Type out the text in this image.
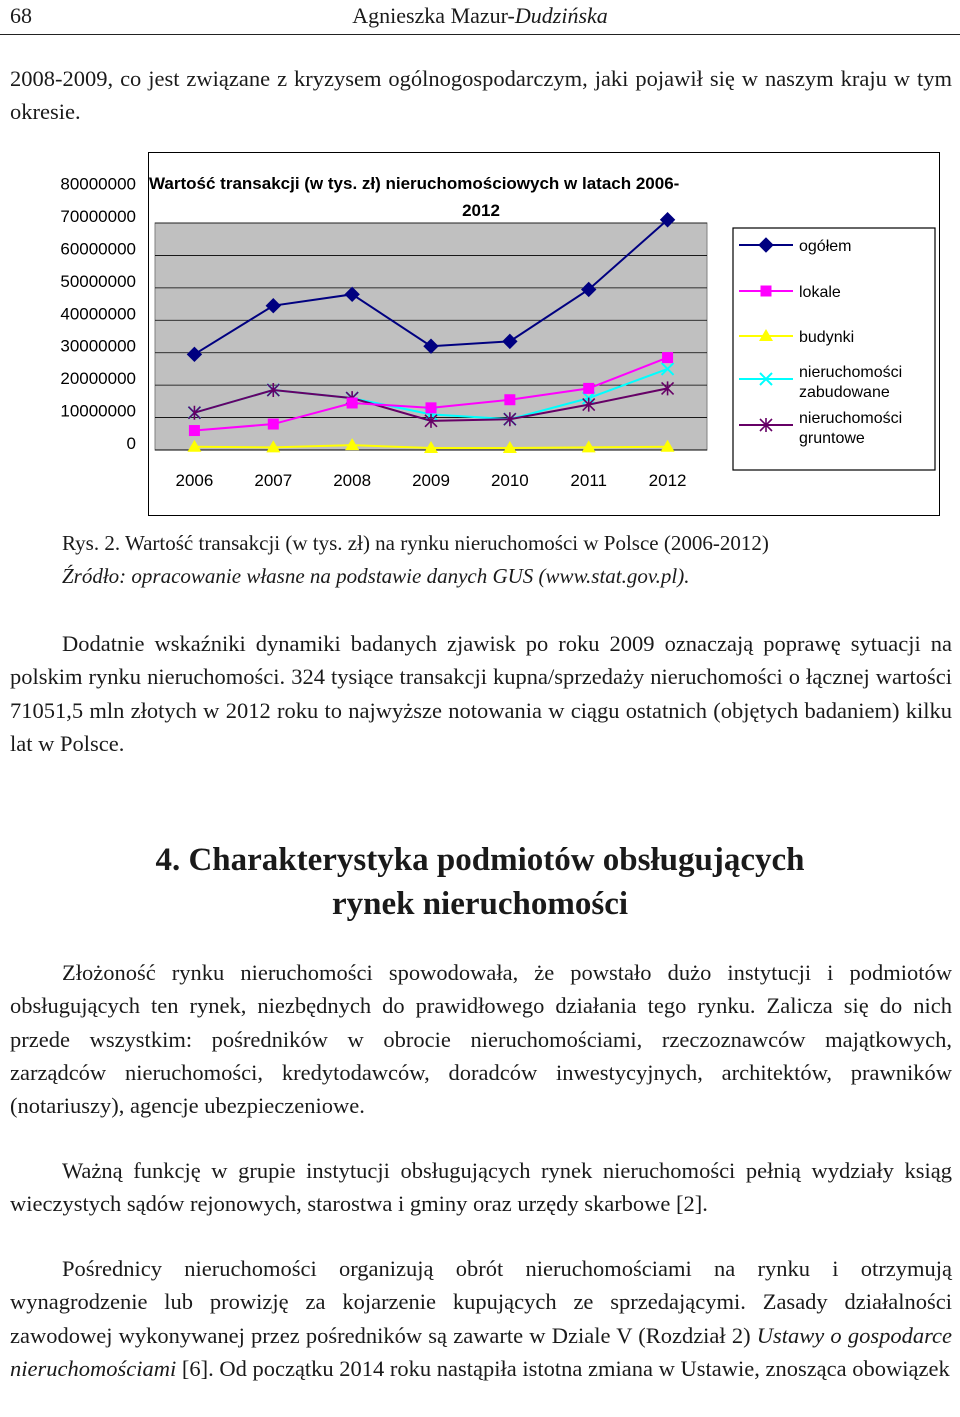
68	Agnieszka Mazur-Dudzińska

2008-2009, co jest związane z kryzysem ogólnogospodarczym, jaki pojawił się w naszym kraju w tym okresie.

Wartość transakcji (w tys. zł) nieruchomościowych w latach 2006-
2012
2006 2007 2008 2009 2010 2011 2012
ogółem
lokale
budynki
nieruchomości
zabudowane
nieruchomości
gruntowe
Rys. 2. Wartość transakcji (w tys. zł) na rynku nieruchomości w Polsce (2006-2012)
Źródło: opracowanie własne na podstawie danych GUS (www.stat.gov.pl).

Dodatnie wskaźniki dynamiki badanych zjawisk po roku 2009 oznaczają poprawę sytuacji na polskim rynku nieruchomości. 324 tysiące transakcji kupna/sprzedaży nieruchomości o łącznej wartości 71051,5 mln złotych w 2012 roku to najwyższe notowania w ciągu ostatnich (objętych badaniem) kilku lat w Polsce.

4. Charakterystyka podmiotów obsługujących
rynek nieruchomości

Złożoność rynku nieruchomości spowodowała, że powstało dużo instytucji i podmiotów obsługujących ten rynek, niezbędnych do prawidłowego działania tego rynku. Zalicza się do nich przede wszystkim: pośredników w obrocie nieruchomościami, rzeczoznawców majątkowych, zarządców nieruchomości, kredytodawców, doradców inwestycyjnych, architektów, prawników (notariuszy), agencje ubezpieczeniowe.

Ważną funkcję w grupie instytucji obsługujących rynek nieruchomości pełnią wydziały ksiąg wieczystych sądów rejonowych, starostwa i gminy oraz urzędy skarbowe [2].

Pośrednicy nieruchomości organizują obrót nieruchomościami na rynku i otrzymują wynagrodzenie lub prowizję za kojarzenie kupujących ze sprzedającymi. Zasady działalności zawodowej wykonywanej przez pośredników są zawarte w Dziale V (Rozdział 2) Ustawy o gospodarce nieruchomościami [6]. Od początku 2014 roku nastąpiła istotna zmiana w Ustawie, znosząca obowiązek

80000000
70000000
60000000
50000000
40000000
30000000
20000000
10000000
0
